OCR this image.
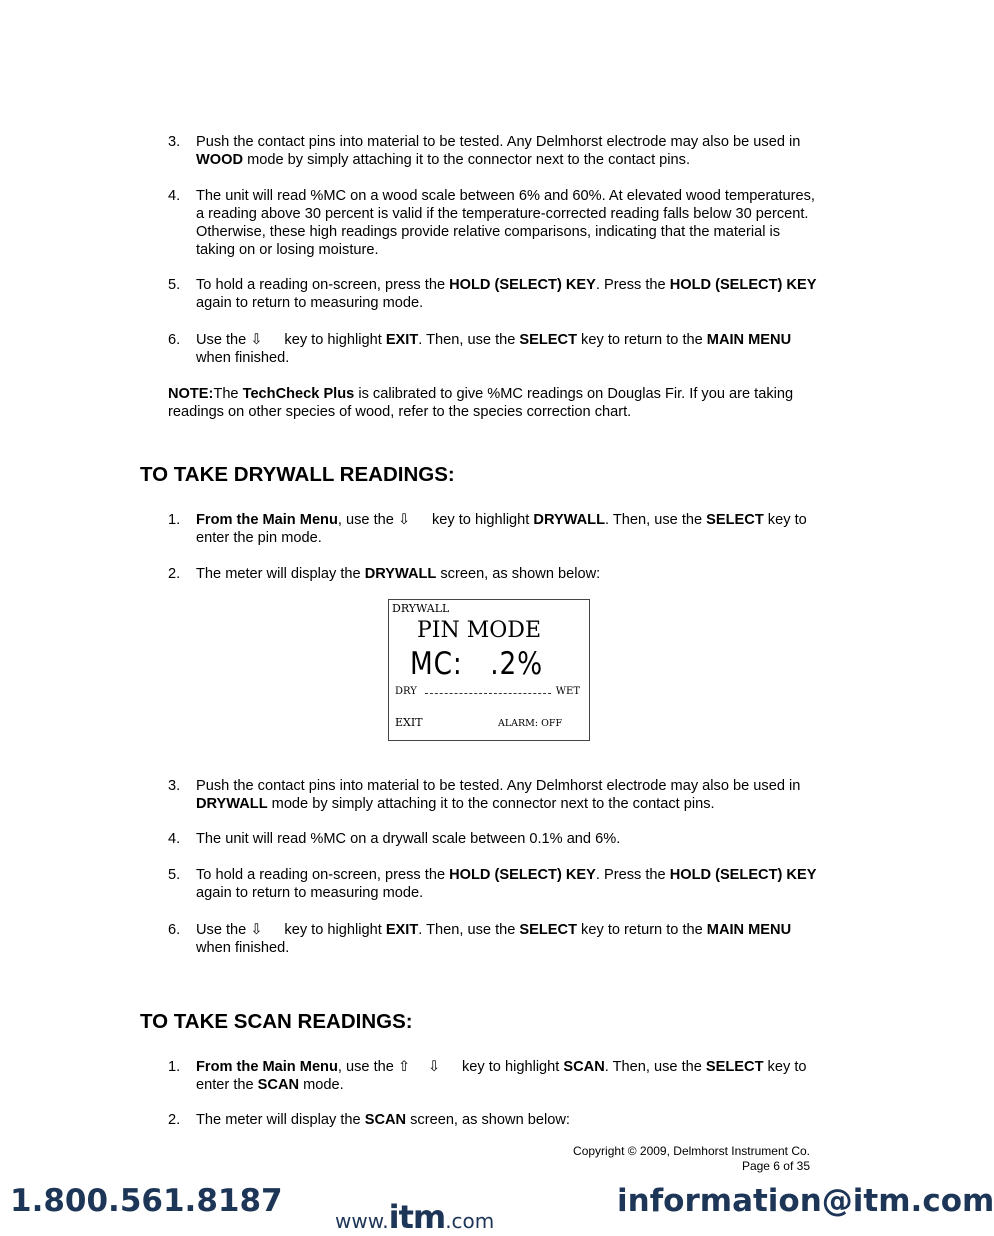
3. Push the contact pins into material to be tested. Any Delmhorst electrode may also be used in WOOD mode by simply attaching it to the connector next to the contact pins.
4. The unit will read %MC on a wood scale between 6% and 60%. At elevated wood temperatures, a reading above 30 percent is valid if the temperature-corrected reading falls below 30 percent. Otherwise, these high readings provide relative comparisons, indicating that the material is taking on or losing moisture.
5. To hold a reading on-screen, press the HOLD (SELECT) KEY. Press the HOLD (SELECT) KEY again to return to measuring mode.
6. Use the ⇩ key to highlight EXIT. Then, use the SELECT key to return to the MAIN MENU when finished.
NOTE:The TechCheck Plus is calibrated to give %MC readings on Douglas Fir. If you are taking readings on other species of wood, refer to the species correction chart.
TO TAKE DRYWALL READINGS:
1. From the Main Menu, use the ⇩ key to highlight DRYWALL. Then, use the SELECT key to enter the pin mode.
2. The meter will display the DRYWALL screen, as shown below:
DRYWALL
PIN MODE
MC:   .2%
DRY	WET
EXIT	ALARM: OFF
3. Push the contact pins into material to be tested. Any Delmhorst electrode may also be used in DRYWALL mode by simply attaching it to the connector next to the contact pins.
4. The unit will read %MC on a drywall scale between 0.1% and 6%.
5. To hold a reading on-screen, press the HOLD (SELECT) KEY. Press the HOLD (SELECT) KEY again to return to measuring mode.
6. Use the ⇩ key to highlight EXIT. Then, use the SELECT key to return to the MAIN MENU when finished.
TO TAKE SCAN READINGS:
1. From the Main Menu, use the ⇧ ⇩ key to highlight SCAN. Then, use the SELECT key to enter the SCAN mode.
2. The meter will display the SCAN screen, as shown below:
Copyright © 2009, Delmhorst Instrument Co.
Page 6 of 35
1.800.561.8187
www.itm.com
information@itm.com
